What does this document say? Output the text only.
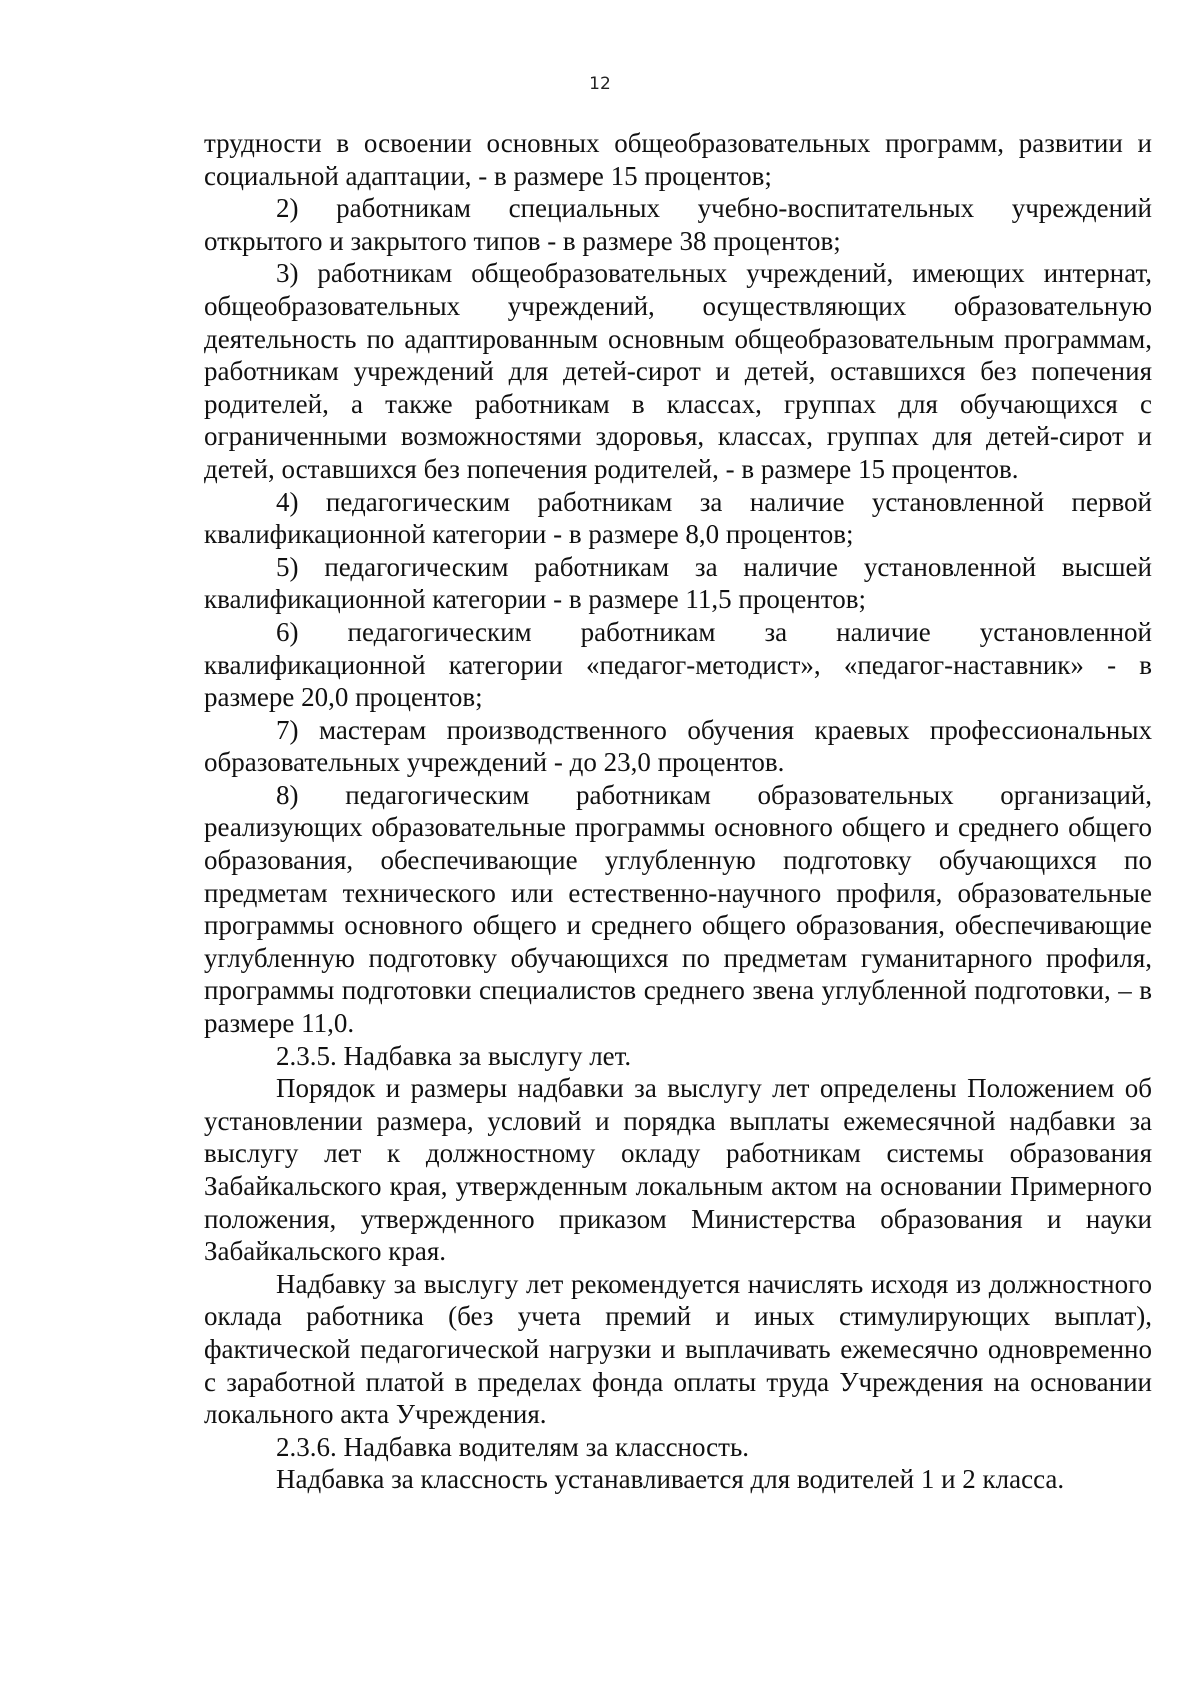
12

трудности в освоении основных общеобразовательных программ, развитии и социальной адаптации, - в размере 15 процентов;

2) работникам специальных учебно-воспитательных учреждений открытого и закрытого типов - в размере 38 процентов;

3) работникам общеобразовательных учреждений, имеющих интернат, общеобразовательных учреждений, осуществляющих образовательную деятельность по адаптированным основным общеобразовательным программам, работникам учреждений для детей-сирот и детей, оставшихся без попечения родителей, а также работникам в классах, группах для обучающихся с ограниченными возможностями здоровья, классах, группах для детей-сирот и детей, оставшихся без попечения родителей, - в размере 15 процентов.

4) педагогическим работникам за наличие установленной первой квалификационной категории - в размере 8,0 процентов;

5) педагогическим работникам за наличие установленной высшей квалификационной категории - в размере 11,5 процентов;

6) педагогическим работникам за наличие установленной квалификационной категории «педагог-методист», «педагог-наставник» - в размере 20,0 процентов;

7) мастерам производственного обучения краевых профессиональных образовательных учреждений - до 23,0 процентов.

8) педагогическим работникам образовательных организаций, реализующих образовательные программы основного общего и среднего общего образования, обеспечивающие углубленную подготовку обучающихся по предметам технического или естественно-научного профиля, образовательные программы основного общего и среднего общего образования, обеспечивающие углубленную подготовку обучающихся по предметам гуманитарного профиля, программы подготовки специалистов среднего звена углубленной подготовки, – в размере 11,0.

2.3.5. Надбавка за выслугу лет.

Порядок и размеры надбавки за выслугу лет определены Положением об установлении размера, условий и порядка выплаты ежемесячной надбавки за выслугу лет к должностному окладу работникам системы образования Забайкальского края, утвержденным локальным актом на основании Примерного положения, утвержденного приказом Министерства образования и науки Забайкальского края.

Надбавку за выслугу лет рекомендуется начислять исходя из должностного оклада работника (без учета премий и иных стимулирующих выплат), фактической педагогической нагрузки и выплачивать ежемесячно одновременно с заработной платой в пределах фонда оплаты труда Учреждения на основании локального акта Учреждения.

2.3.6. Надбавка водителям за классность.

Надбавка за классность устанавливается для водителей 1 и 2 класса.
